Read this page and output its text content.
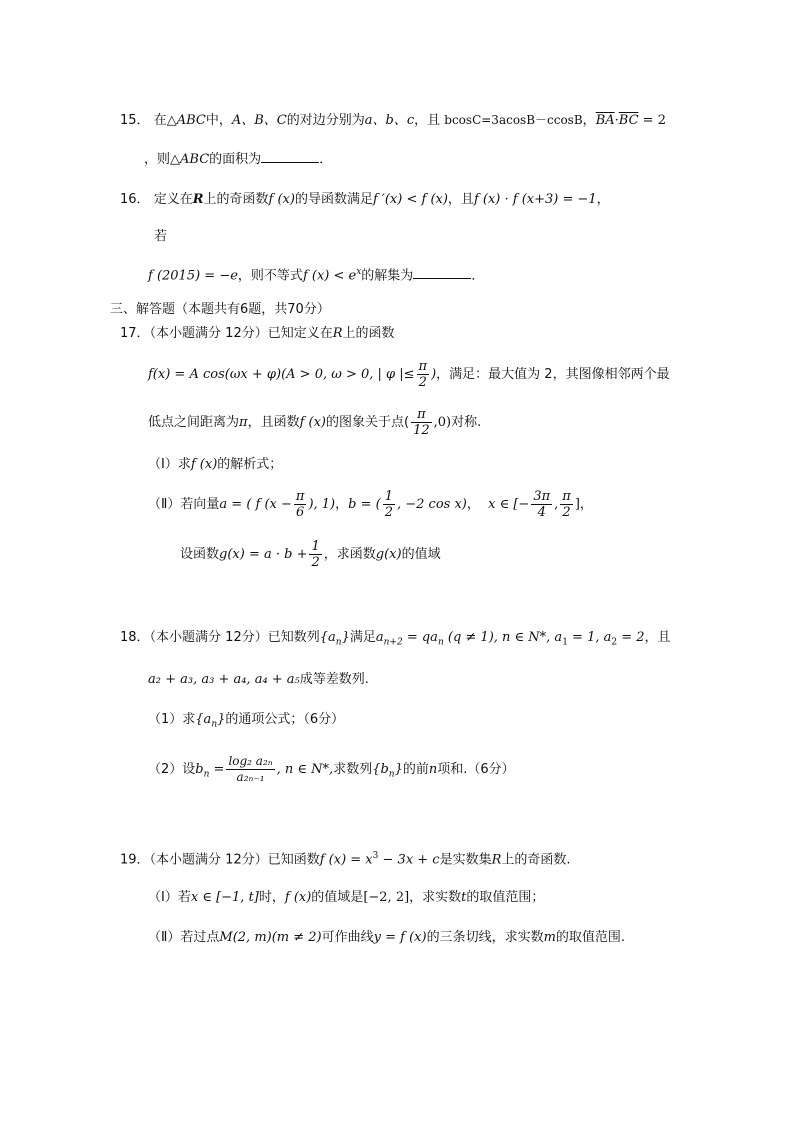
15． 在△ABC中，A、B、C的对边分别为a、b、c，且 bcosC=3acosB－ccosB，$\overline{BA}\cdot\overline{BC} = 2$
，则△ABC的面积为	．
16． 定义在R上的奇函数f (x)的导函数满足f ′(x) < f (x)，且f (x) · f (x+3) = −1，
若
f (2015) = −e，则不等式f $(x) < e^x$的解集为	．
三、解答题（本题共有6题，共70分）
17．（本小题满分 12分）已知定义在R上的函数
f(x) = A cos(ωx + φ)(A > 0, ω > 0, | φ |≤ $\frac{\pi}{2}$ )，满足：最大值为 2，其图像相邻两个最
低点之间距离为π，且函数f (x)的图象关于点( $\frac{\pi}{12} ,0$)对称.
（Ⅰ）求f (x)的解析式；
（Ⅱ）若向量a = ( f ($x - \frac{\pi}{6}$ ), 1)，b = ( $\frac{1}{2}$ , −2 cos x)， x ∈ [− $\frac{3\pi}{4}$ , $\frac{\pi}{2}$ ]，
设函数$g(x) = a \cdot b + \frac{1}{2}$ ，求函数g(x)的值域
18．（本小题满分 12分）已知数列$\{a_n\}$满足$a_{n+2} = qa_n$ (q ≠ 1), n ∈ N*, $a_1 = 1$, $a_2 = 2$，且
a₂ + a₃, a₃ + a₄, a₄ + a₅成等差数列.
（1）求$\{a_n\}$的通项公式；（6分）
（2）设$b_n = \frac{\text{log₂ a₂ₙ}}{\text{a₂ₙ₋₁}}$ , n ∈ N*,求数列$\{b_n\}$的前n项和.（6分）
19．（本小题满分 12分）已知函数f $(x) = x^3 - 3x + c$是实数集R上的奇函数.
（Ⅰ）若x ∈ [−1, t]时，f (x)的值域是[−2, 2]，求实数t的取值范围；
（Ⅱ）若过点M(2, m)(m ≠ 2)可作曲线y = f (x)的三条切线，求实数m的取值范围.
